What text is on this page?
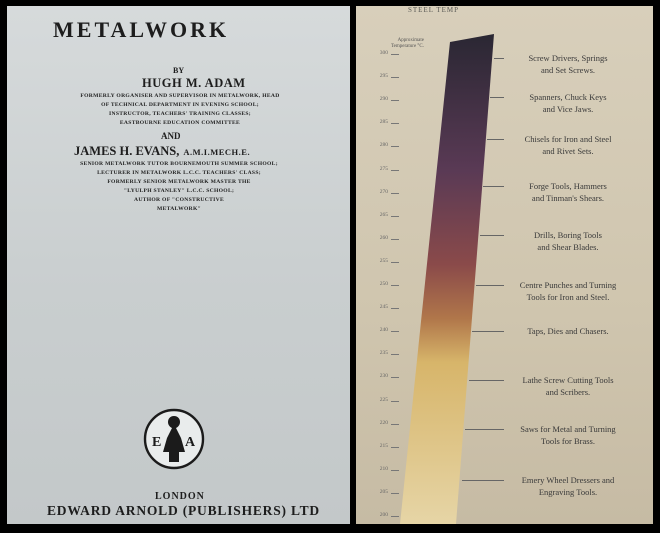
METALWORK
BY
HUGH M. ADAM
FORMERLY ORGANISER AND SUPERVISOR IN METALWORK, HEAD
OF TECHNICAL DEPARTMENT IN EVENING SCHOOL;
INSTRUCTOR, TEACHERS' TRAINING CLASSES;
EASTBOURNE EDUCATION COMMITTEE
AND
JAMES H. EVANS, A.M.I.MECH.E.
SENIOR METALWORK TUTOR BOURNEMOUTH SUMMER SCHOOL;
LECTURER IN METALWORK L.C.C. TEACHERS' CLASS;
FORMERLY SENIOR METALWORK MASTER THE
"LYULPH STANLEY" L.C.C. SCHOOL;
AUTHOR OF "CONSTRUCTIVE
METALWORK"
E A
LONDON
EDWARD ARNOLD (PUBLISHERS) LTD
STEEL TEMP
Approximate Temperature °C.
300
295
290
285
280
275
270
265
260
255
250
245
240
235
230
225
220
215
210
205
200
Screw Drivers, Springs
and Set Screws.
Spanners, Chuck Keys
and Vice Jaws.
Chisels for Iron and Steel
and Rivet Sets.
Forge Tools, Hammers
and Tinman's Shears.
Drills, Boring Tools
and Shear Blades.
Centre Punches and Turning
Tools for Iron and Steel.
Taps, Dies and Chasers.
Lathe Screw Cutting Tools
and Scribers.
Saws for Metal and Turning
Tools for Brass.
Emery Wheel Dressers and
Engraving Tools.
